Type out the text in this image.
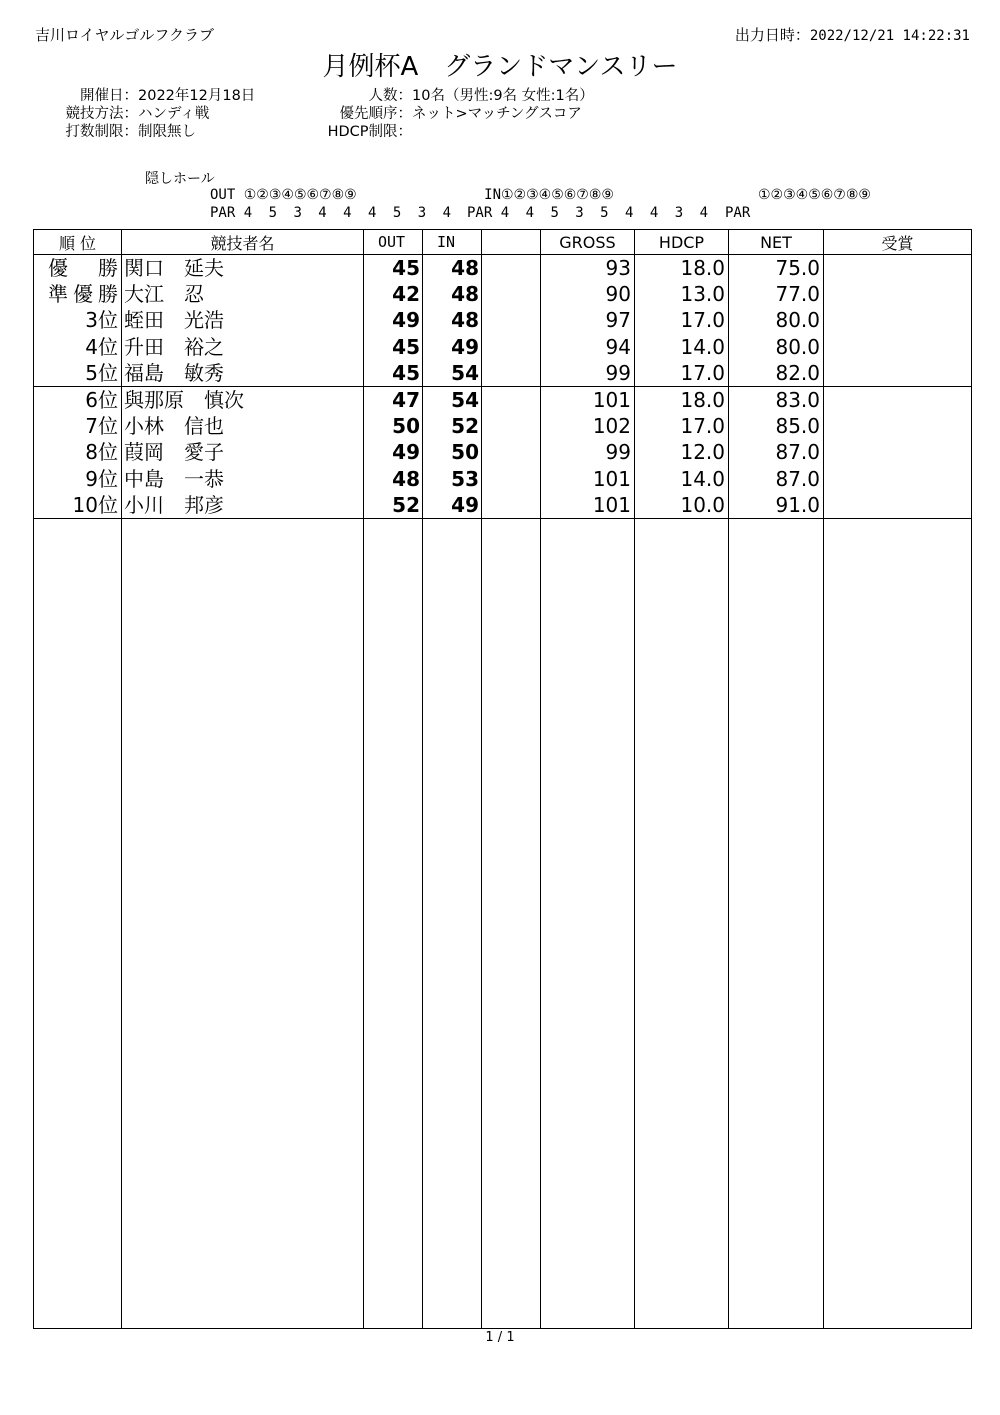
吉川ロイヤルゴルフクラブ	出力日時：2022/12/21 14:22:31
月例杯A　グランドマンスリー
開催日：2022年12月18日
競技方法：ハンディ戦
打数制限：制限無し
人数：10名（男性:9名 女性:1名）
優先順序：ネット>マッチングスコア
HDCP制限：
隠しホール
OUT ①②③④⑤⑥⑦⑧⑨
PAR 4 5 3 4 4 4 5 3 4
IN①②③④⑤⑥⑦⑧⑨
PAR 4 4 5 3 5 4 4 3 4
①②③④⑤⑥⑦⑧⑨
PAR
順 位	競技者名	OUT	IN		GROSS	HDCP	NET	受賞
優　勝	関口　延夫	45	48		93	18.0	75.0	
準優勝	大江　忍	42	48		90	13.0	77.0	
3位	蛭田　光浩	49	48		97	17.0	80.0	
4位	升田　裕之	45	49		94	14.0	80.0	
5位	福島　敏秀	45	54		99	17.0	82.0	
6位	與那原　慎次	47	54		101	18.0	83.0	
7位	小林　信也	50	52		102	17.0	85.0	
8位	葭岡　愛子	49	50		99	12.0	87.0	
9位	中島　一恭	48	53		101	14.0	87.0	
10位	小川　邦彦	52	49		101	10.0	91.0	

1 / 1
